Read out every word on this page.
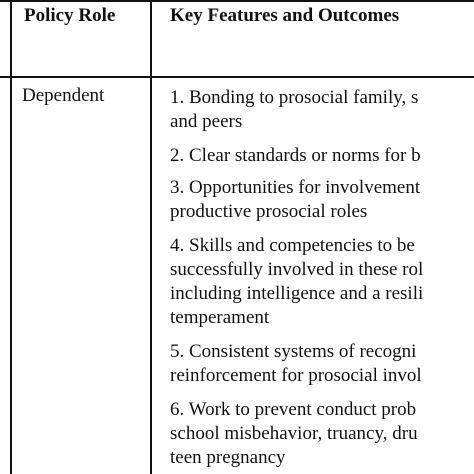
Policy Role	Key Features and Outcomes
Dependent	1. Bonding to prosocial family, s
and peers
2. Clear standards or norms for b
3. Opportunities for involvement
productive prosocial roles
4. Skills and competencies to be
successfully involved in these rol
including intelligence and a resili
temperament
5. Consistent systems of recogni
reinforcement for prosocial invol
6. Work to prevent conduct prob
school misbehavior, truancy, dru
teen pregnancy
